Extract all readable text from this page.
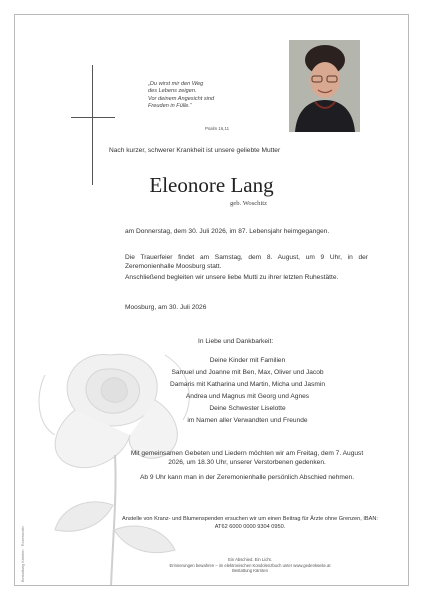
„Du wirst mir den Weg
des Lebens zeigen.
Vor deinem Angesicht sind
Freuden in Fülle.“
Psalm 16,11
Nach kurzer, schwerer Krankheit ist unsere geliebte Mutter
Eleonore Lang
geb. Woschitz
am Donnerstag, dem 30. Juli 2026, im 87. Lebensjahr heimgegangen.
Die Trauerfeier findet am Samstag, dem 8. August, um 9 Uhr, in der Zeremonienhalle Moosburg statt.
Anschließend begleiten wir unsere liebe Mutti zu ihrer letzten Ruhestätte.
Moosburg, am 30. Juli 2026
In Liebe und Dankbarkeit:
Deine Kinder mit Familien
Samuel und Joanne mit Ben, Max, Oliver und Jacob
Damaris mit Katharina und Martin, Micha und Jasmin
Andrea und Magnus mit Georg und Agnes
Deine Schwester Liselotte
im Namen aller Verwandten und Freunde
Mit gemeinsamen Gebeten und Liedern möchten wir am Freitag, dem 7. August 2026, um 18.30 Uhr, unserer Verstorbenen gedenken.
Ab 9 Uhr kann man in der Zeremonienhalle persönlich Abschied nehmen.
Anstelle von Kranz- und Blumenspenden ersuchen wir um einen Beitrag für Ärzte ohne Grenzen, IBAN: AT62 6000 0000 9304 0950.
Ein Abschied. Ein Licht.
Erinnerungen bewahren – im elektronischen Kondolenzbuch unter www.gedenkseite.at
Bestattung Kärnten
Bestattung Kärnten · Rosenmotiv
